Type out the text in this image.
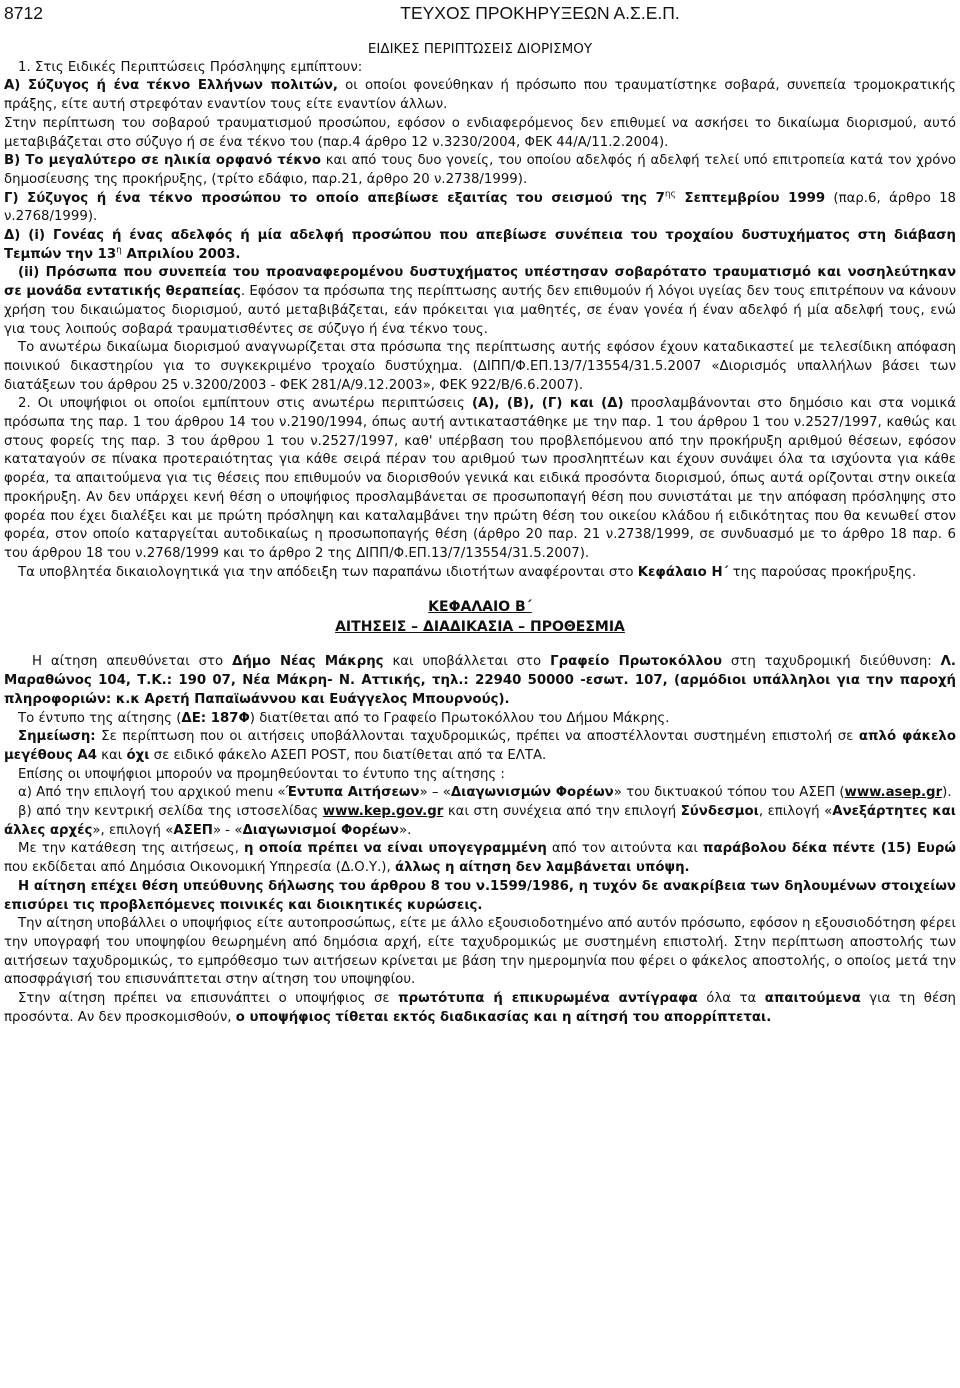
8712	ΤΕΥΧΟΣ ΠΡΟΚΗΡΥΞΕΩΝ Α.Σ.Ε.Π.
ΕΙΔΙΚΕΣ ΠΕΡΙΠΤΩΣΕΙΣ ΔΙΟΡΙΣΜΟΥ

1. Στις Ειδικές Περιπτώσεις Πρόσληψης εμπίπτουν:

Α) Σύζυγος ή ένα τέκνο Ελλήνων πολιτών, οι οποίοι φονεύθηκαν ή πρόσωπο που τραυματίστηκε σοβαρά, συνεπεία τρομοκρατικής πράξης, είτε αυτή στρεφόταν εναντίον τους είτε εναντίον άλλων.

Στην περίπτωση του σοβαρού τραυματισμού προσώπου, εφόσον ο ενδιαφερόμενος δεν επιθυμεί να ασκήσει το δικαίωμα διορισμού, αυτό μεταβιβάζεται στο σύζυγο ή σε ένα τέκνο του (παρ.4 άρθρο 12 ν.3230/2004, ΦΕΚ 44/Α/11.2.2004).

Β) Το μεγαλύτερο σε ηλικία ορφανό τέκνο και από τους δυο γονείς, του οποίου αδελφός ή αδελφή τελεί υπό επιτροπεία κατά τον χρόνο δημοσίευσης της προκήρυξης, (τρίτο εδάφιο, παρ.21, άρθρο 20 ν.2738/1999).

Γ) Σύζυγος ή ένα τέκνο προσώπου το οποίο απεβίωσε εξαιτίας του σεισμού της $7^{\eta\varsigma}$ Σεπτεμβρίου 1999 (παρ.6, άρθρο 18 ν.2768/1999).

Δ) (i) Γονέας ή ένας αδελφός ή μία αδελφή προσώπου που απεβίωσε συνέπεια του τροχαίου δυστυχήματος στη διάβαση Τεμπών την $13^\eta$ Απριλίου 2003.

(ii) Πρόσωπα που συνεπεία του προαναφερομένου δυστυχήματος υπέστησαν σοβαρότατο τραυματισμό και νοσηλεύτηκαν σε μονάδα εντατικής θεραπείας. Εφόσον τα πρόσωπα της περίπτωσης αυτής δεν επιθυμούν ή λόγοι υγείας δεν τους επιτρέπουν να κάνουν χρήση του δικαιώματος διορισμού, αυτό μεταβιβάζεται, εάν πρόκειται για μαθητές, σε έναν γονέα ή έναν αδελφό ή μία αδελφή τους, ενώ για τους λοιπούς σοβαρά τραυματισθέντες σε σύζυγο ή ένα τέκνο τους.

Το ανωτέρω δικαίωμα διορισμού αναγνωρίζεται στα πρόσωπα της περίπτωσης αυτής εφόσον έχουν καταδικαστεί με τελεσίδικη απόφαση ποινικού δικαστηρίου για το συγκεκριμένο τροχαίο δυστύχημα. (ΔΙΠΠ/Φ.ΕΠ.13/7/13554/31.5.2007 «Διορισμός υπαλλήλων βάσει των διατάξεων του άρθρου 25 ν.3200/2003 - ΦΕΚ 281/Α/9.12.2003», ΦΕΚ 922/Β/6.6.2007).

2. Οι υποψήφιοι οι οποίοι εμπίπτουν στις ανωτέρω περιπτώσεις (Α), (Β), (Γ) και (Δ) προσλαμβάνονται στο δημόσιο και στα νομικά πρόσωπα της παρ. 1 του άρθρου 14 του ν.2190/1994, όπως αυτή αντικαταστάθηκε με την παρ. 1 του άρθρου 1 του ν.2527/1997, καθώς και στους φορείς της παρ. 3 του άρθρου 1 του ν.2527/1997, καθ' υπέρβαση του προβλεπόμενου από την προκήρυξη αριθμού θέσεων, εφόσον καταταγούν σε πίνακα προτεραιότητας για κάθε σειρά πέραν του αριθμού των προσληπτέων και έχουν συνάψει όλα τα ισχύοντα για κάθε φορέα, τα απαιτούμενα για τις θέσεις που επιθυμούν να διορισθούν γενικά και ειδικά προσόντα διορισμού, όπως αυτά ορίζονται στην οικεία προκήρυξη. Αν δεν υπάρχει κενή θέση ο υποψήφιος προσλαμβάνεται σε προσωποπαγή θέση που συνιστάται με την απόφαση πρόσληψης στο φορέα που έχει διαλέξει και με πρώτη πρόσληψη και καταλαμβάνει την πρώτη θέση του οικείου κλάδου ή ειδικότητας που θα κενωθεί στον φορέα, στον οποίο καταργείται αυτοδικαίως η προσωποπαγής θέση (άρθρο 20 παρ. 21 ν.2738/1999, σε συνδυασμό με το άρθρο 18 παρ. 6 του άρθρου 18 του ν.2768/1999 και το άρθρο 2 της ΔΙΠΠ/Φ.ΕΠ.13/7/13554/31.5.2007).

Τα υποβλητέα δικαιολογητικά για την απόδειξη των παραπάνω ιδιοτήτων αναφέρονται στο Κεφάλαιο Η΄ της παρούσας προκήρυξης.

ΚΕΦΑΛΑΙΟ Β΄
ΑΙΤΗΣΕΙΣ – ΔΙΑΔΙΚΑΣΙΑ – ΠΡΟΘΕΣΜΙΑ

Η αίτηση απευθύνεται στο Δήμο Νέας Μάκρης και υποβάλλεται στο Γραφείο Πρωτοκόλλου στη ταχυδρομική διεύθυνση: Λ. Μαραθώνος 104, Τ.Κ.: 190 07, Νέα Μάκρη- Ν. Αττικής, τηλ.: 22940 50000 -εσωτ. 107, (αρμόδιοι υπάλληλοι για την παροχή πληροφοριών: κ.κ Αρετή Παπαϊωάννου και Ευάγγελος Μπουρνούς).

Το έντυπο της αίτησης (ΔΕ: 187Φ) διατίθεται από το Γραφείο Πρωτοκόλλου του Δήμου Μάκρης.

Σημείωση: Σε περίπτωση που οι αιτήσεις υποβάλλονται ταχυδρομικώς, πρέπει να αποστέλλονται συστημένη επιστολή σε απλό φάκελο μεγέθους Α4 και όχι σε ειδικό φάκελο ΑΣΕΠ POST, που διατίθεται από τα ΕΛΤΑ.

Επίσης οι υποψήφιοι μπορούν να προμηθεύονται το έντυπο της αίτησης :

α) Από την επιλογή του αρχικού menu «Έντυπα Αιτήσεων» – «Διαγωνισμών Φορέων» του δικτυακού τόπου του ΑΣΕΠ (www.asep.gr).

β) από την κεντρική σελίδα της ιστοσελίδας www.kep.gov.gr και στη συνέχεια από την επιλογή Σύνδεσμοι, επιλογή «Ανεξάρτητες και άλλες αρχές», επιλογή «ΑΣΕΠ» - «Διαγωνισμοί Φορέων».

Με την κατάθεση της αιτήσεως, η οποία πρέπει να είναι υπογεγραμμένη από τον αιτούντα και παράβολου δέκα πέντε (15) Ευρώ που εκδίδεται από Δημόσια Οικονομική Υπηρεσία (Δ.Ο.Υ.), άλλως η αίτηση δεν λαμβάνεται υπόψη.

Η αίτηση επέχει θέση υπεύθυνης δήλωσης του άρθρου 8 του ν.1599/1986, η τυχόν δε ανακρίβεια των δηλουμένων στοιχείων επισύρει τις προβλεπόμενες ποινικές και διοικητικές κυρώσεις.

Την αίτηση υποβάλλει ο υποψήφιος είτε αυτοπροσώπως, είτε με άλλο εξουσιοδοτημένο από αυτόν πρόσωπο, εφόσον η εξουσιοδότηση φέρει την υπογραφή του υποψηφίου θεωρημένη από δημόσια αρχή, είτε ταχυδρομικώς με συστημένη επιστολή. Στην περίπτωση αποστολής των αιτήσεων ταχυδρομικώς, το εμπρόθεσμο των αιτήσεων κρίνεται με βάση την ημερομηνία που φέρει ο φάκελος αποστολής, ο οποίος μετά την αποσφράγισή του επισυνάπτεται στην αίτηση του υποψηφίου.

Στην αίτηση πρέπει να επισυνάπτει ο υποψήφιος σε πρωτότυπα ή επικυρωμένα αντίγραφα όλα τα απαιτούμενα για τη θέση προσόντα. Αν δεν προσκομισθούν, ο υποψήφιος τίθεται εκτός διαδικασίας και η αίτησή του απορρίπτεται.
